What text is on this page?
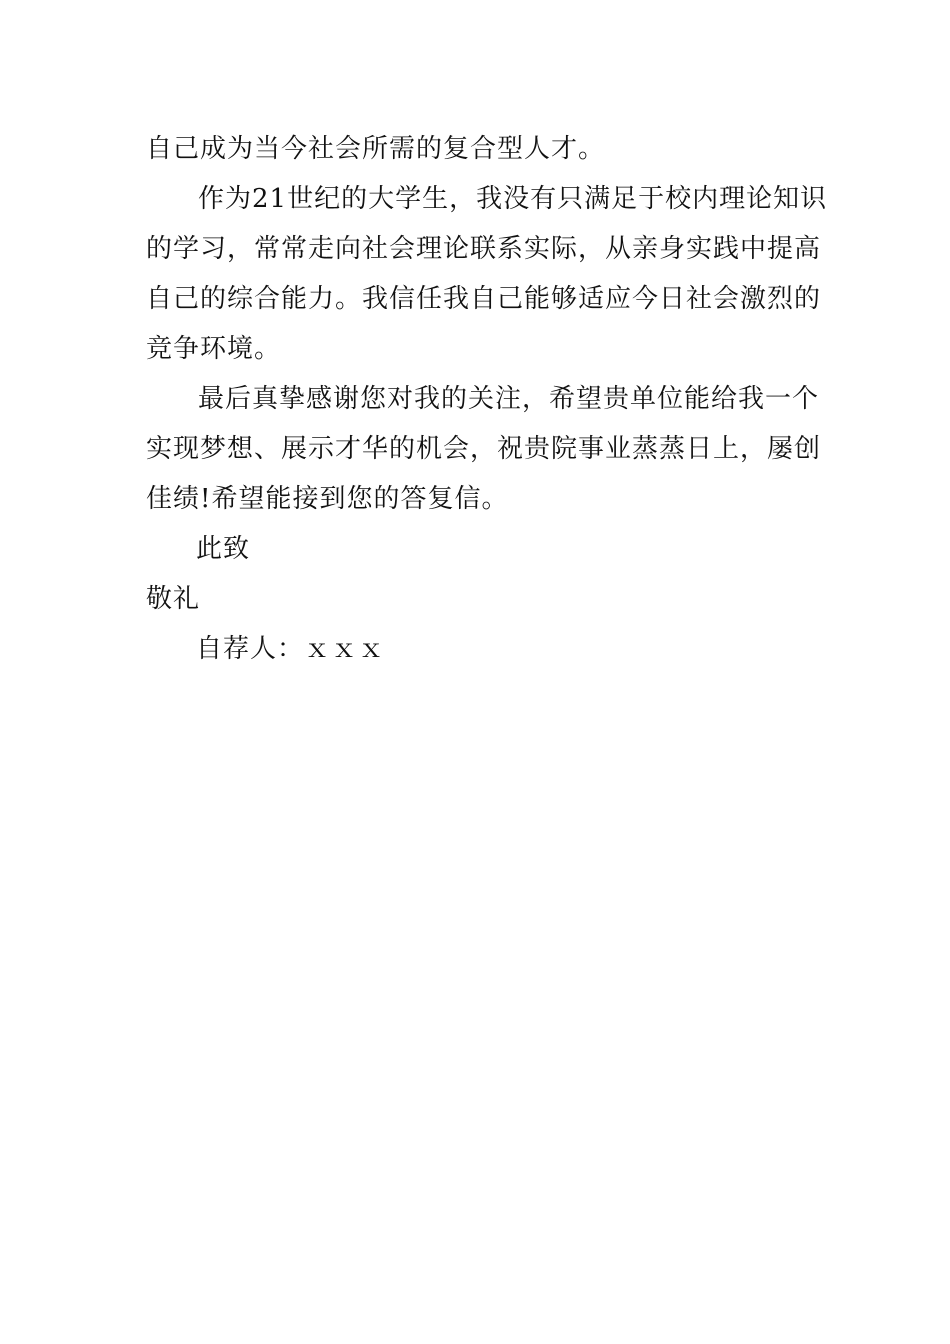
自己成为当今社会所需的复合型人才。

作为21世纪的大学生，我没有只满足于校内理论知识

的学习，常常走向社会理论联系实际，从亲身实践中提高

自己的综合能力。我信任我自己能够适应今日社会激烈的

竞争环境。

最后真挚感谢您对我的关注，希望贵单位能给我一个

实现梦想、展示才华的机会，祝贵院事业蒸蒸日上，屡创

佳绩!希望能接到您的答复信。

此致

敬礼

自荐人：ｘｘｘ
